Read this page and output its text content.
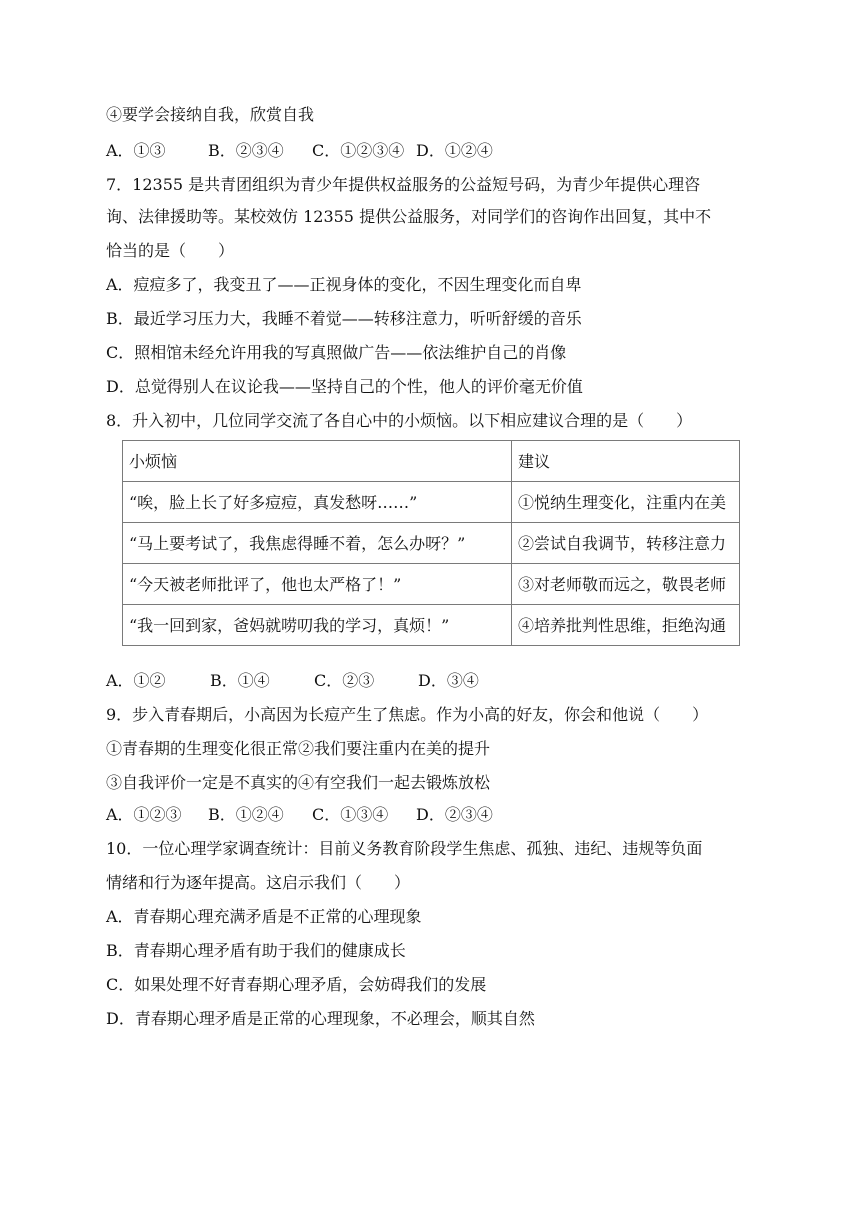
④要学会接纳自我，欣赏自我
A．①③	B．②③④ C．①②③④ D．①②④
7．12355 是共青团组织为青少年提供权益服务的公益短号码，为青少年提供心理咨
询、法律援助等。某校效仿 12355 提供公益服务，对同学们的咨询作出回复，其中不
恰当的是（　　）
A．痘痘多了，我变丑了——正视身体的变化，不因生理变化而自卑
B．最近学习压力大，我睡不着觉——转移注意力，听听舒缓的音乐
C．照相馆未经允许用我的写真照做广告——依法维护自己的肖像
D．总觉得别人在议论我——坚持自己的个性，他人的评价毫无价值
8．升入初中，几位同学交流了各自心中的小烦恼。以下相应建议合理的是（　　）
小烦恼	建议
“唉，脸上长了好多痘痘，真发愁呀……”	①悦纳生理变化，注重内在美
“马上要考试了，我焦虑得睡不着，怎么办呀？”	②尝试自我调节，转移注意力
“今天被老师批评了，他也太严格了！”	③对老师敬而远之，敬畏老师
“我一回到家，爸妈就唠叨我的学习，真烦！”	④培养批判性思维，拒绝沟通
A．①②	B．①④	C．②③	D．③④
9．步入青春期后，小高因为长痘产生了焦虑。作为小高的好友，你会和他说（　　）
①青春期的生理变化很正常②我们要注重内在美的提升
③自我评价一定是不真实的④有空我们一起去锻炼放松
A．①②③ B．①②④ C．①③④ D．②③④
10．一位心理学家调查统计：目前义务教育阶段学生焦虑、孤独、违纪、违规等负面
情绪和行为逐年提高。这启示我们（　　）
A．青春期心理充满矛盾是不正常的心理现象
B．青春期心理矛盾有助于我们的健康成长
C．如果处理不好青春期心理矛盾，会妨碍我们的发展
D．青春期心理矛盾是正常的心理现象，不必理会，顺其自然
